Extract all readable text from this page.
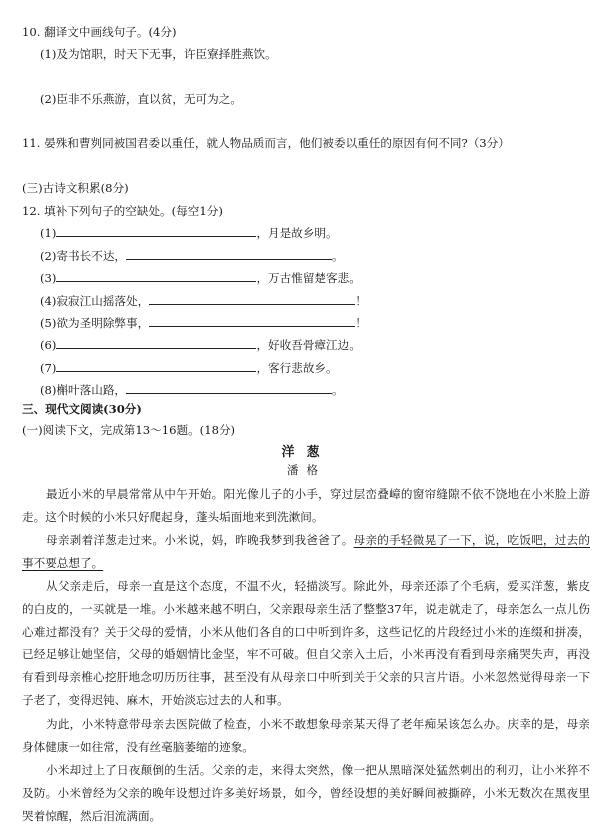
10. 翻译文中画线句子。(4分)
(1)及为馆职，时天下无事，许臣寮择胜燕饮。
(2)臣非不乐燕游，直以贫，无可为之。
11. 晏殊和曹刿同被国君委以重任，就人物品质而言，他们被委以重任的原因有何不同?（3分）
(三)古诗文积累(8分)
12. 填补下列句子的空缺处。(每空1分)
(1)	，月是故乡明。
(2)寄书长不达，	。
(3)	，万古惟留楚客悲。
(4)寂寂江山摇落处，	！
(5)欲为圣明除弊事，	！
(6)	，好收吾骨瘴江边。
(7)	，客行悲故乡。
(8)槲叶落山路，	。
三、现代文阅读(30分)
(一)阅读下文，完成第13～16题。(18分)
洋葱
潘格
最近小米的早晨常常从中午开始。阳光像儿子的小手，穿过层峦叠嶂的窗帘缝隙不依不饶地在小米脸上游走。这个时候的小米只好爬起身，蓬头垢面地来到洗漱间。
母亲剥着洋葱走过来。小米说，妈，昨晚我梦到我爸爸了。母亲的手轻微晃了一下，说，吃饭吧，过去的事不要总想了。
从父亲走后，母亲一直是这个态度，不温不火，轻描淡写。除此外，母亲还添了个毛病，爱买洋葱，紫皮的白皮的，一买就是一堆。小米越来越不明白，父亲跟母亲生活了整整37年，说走就走了，母亲怎么一点儿伤心难过都没有？关于父母的爱情，小米从他们各自的口中听到许多，这些记忆的片段经过小米的连缀和拼凑，已经足够让她坚信，父母的婚姻情比金坚，牢不可破。但自父亲入土后，小米再没有看到母亲痛哭失声，再没有看到母亲椎心挖肝地念叨历历往事，甚至没有从母亲口中听到关于父亲的只言片语。小米忽然觉得母亲一下子老了，变得迟钝、麻木，开始淡忘过去的人和事。
为此，小米特意带母亲去医院做了检查，小米不敢想象母亲某天得了老年痴呆该怎么办。庆幸的是，母亲身体健康一如往常，没有丝毫脑萎缩的迹象。
小米却过上了日夜颠倒的生活。父亲的走，来得太突然，像一把从黑暗深处猛然刺出的利刃，让小米猝不及防。小米曾经为父亲的晚年设想过许多美好场景，如今，曾经设想的美好瞬间被撕碎，小米无数次在黑夜里哭着惊醒，然后泪流满面。
